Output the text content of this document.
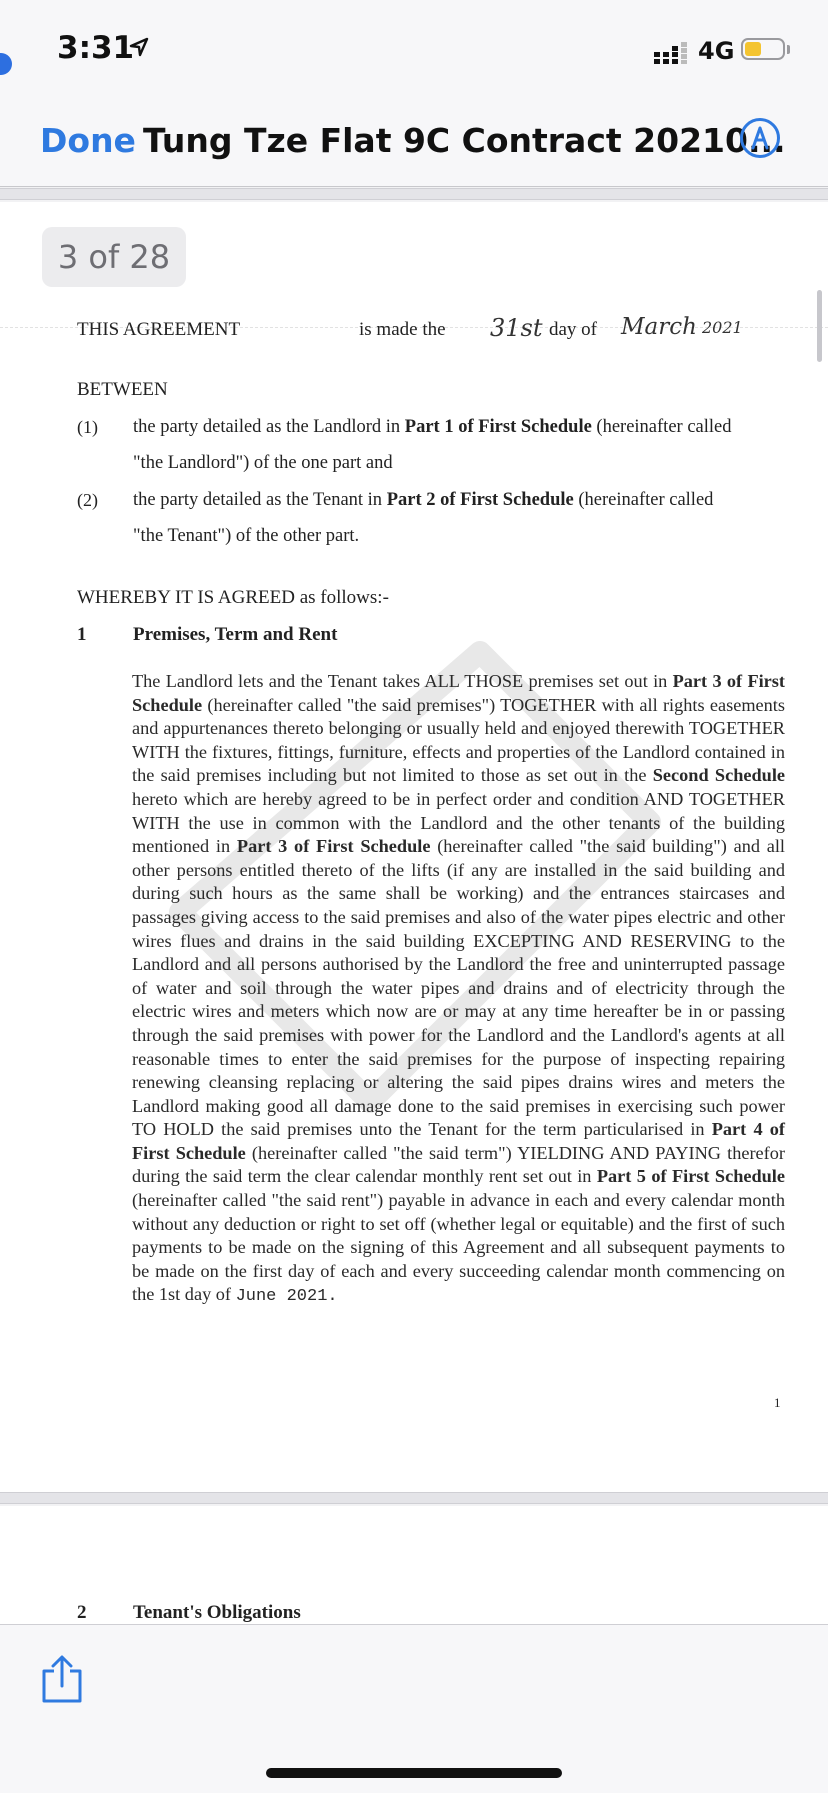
3:31	4G
Done Tung Tze Flat 9C Contract 20210...
THIS AGREEMENT	is made the 31st day of March 2021
BETWEEN
(1) the party detailed as the Landlord in Part 1 of First Schedule (hereinafter called
"the Landlord") of the one part and
(2) the party detailed as the Tenant in Part 2 of First Schedule (hereinafter called
"the Tenant") of the other part.
WHEREBY IT IS AGREED as follows:-
1 Premises, Term and Rent
The Landlord lets and the Tenant takes ALL THOSE premises set out in Part 3 of First Schedule (hereinafter called "the said premises") TOGETHER with all rights easements and appurtenances thereto belonging or usually held and enjoyed therewith TOGETHER WITH the fixtures, fittings, furniture, effects and properties of the Landlord contained in the said premises including but not limited to those as set out in the Second Schedule hereto which are hereby agreed to be in perfect order and condition AND TOGETHER WITH the use in common with the Landlord and the other tenants of the building mentioned in Part 3 of First Schedule (hereinafter called "the said building") and all other persons entitled thereto of the lifts (if any are installed in the said building and during such hours as the same shall be working) and the entrances staircases and passages giving access to the said premises and also of the water pipes electric and other wires flues and drains in the said building EXCEPTING AND RESERVING to the Landlord and all persons authorised by the Landlord the free and uninterrupted passage of water and soil through the water pipes and drains and of electricity through the electric wires and meters which now are or may at any time hereafter be in or passing through the said premises with power for the Landlord and the Landlord's agents at all reasonable times to enter the said premises for the purpose of inspecting repairing renewing cleansing replacing or altering the said pipes drains wires and meters the Landlord making good all damage done to the said premises in exercising such power TO HOLD the said premises unto the Tenant for the term particularised in Part 4 of First Schedule (hereinafter called "the said term") YIELDING AND PAYING therefor during the said term the clear calendar monthly rent set out in Part 5 of First Schedule (hereinafter called "the said rent") payable in advance in each and every calendar month without any deduction or right to set off (whether legal or equitable) and the first of such payments to be made on the signing of this Agreement and all subsequent payments to be made on the first day of each and every succeeding calendar month commencing on the 1st day of June 2021.
1
2 Tenant's Obligations
3 of 28
